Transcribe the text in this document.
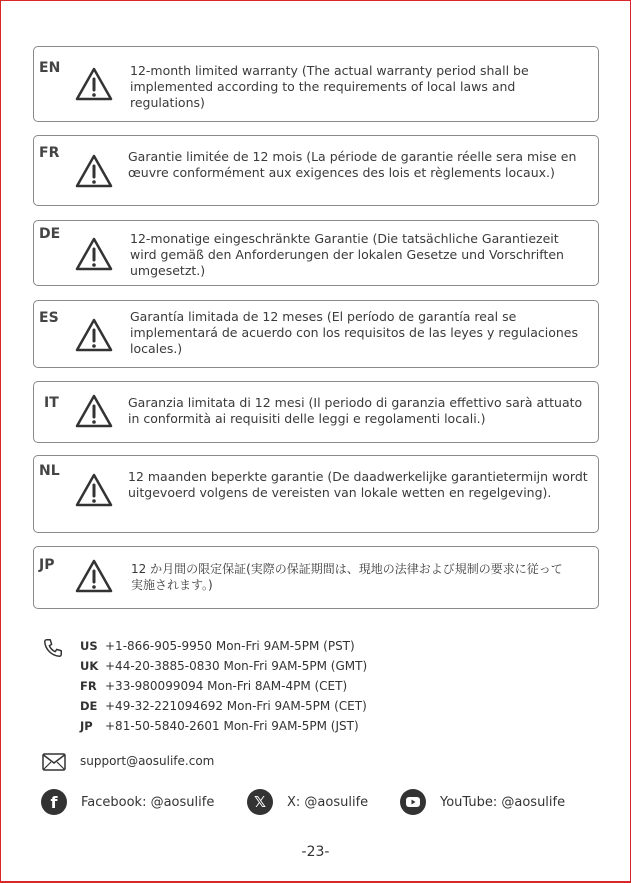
EN	12-month limited warranty (The actual warranty period shall be implemented according to the requirements of local laws and regulations)
FR	Garantie limitée de 12 mois (La période de garantie réelle sera mise en œuvre conformément aux exigences des lois et règlements locaux.)
DE	12-monatige eingeschränkte Garantie (Die tatsächliche Garantiezeit wird gemäß den Anforderungen der lokalen Gesetze und Vorschriften umgesetzt.)
ES	Garantía limitada de 12 meses (El período de garantía real se implementará de acuerdo con los requisitos de las leyes y regulaciones locales.)
IT	Garanzia limitata di 12 mesi (Il periodo di garanzia effettivo sarà attuato in conformità ai requisiti delle leggi e regolamenti locali.)
NL	12 maanden beperkte garantie (De daadwerkelijke garantietermijn wordt uitgevoerd volgens de vereisten van lokale wetten en regelgeving).
JP	12 か月間の限定保証(実際の保証期間は、現地の法律および規制の要求に従って実施されます。)
US +1-866-905-9950 Mon-Fri 9AM-5PM (PST)
UK +44-20-3885-0830 Mon-Fri 9AM-5PM (GMT)
FR +33-980099094 Mon-Fri 8AM-4PM (CET)
DE +49-32-221094692 Mon-Fri 9AM-5PM (CET)
JP +81-50-5840-2601 Mon-Fri 9AM-5PM (JST)
support@aosulife.com
f	Facebook: @aosulife	𝕏	X: @aosulife	YouTube: @aosulife
-23-
